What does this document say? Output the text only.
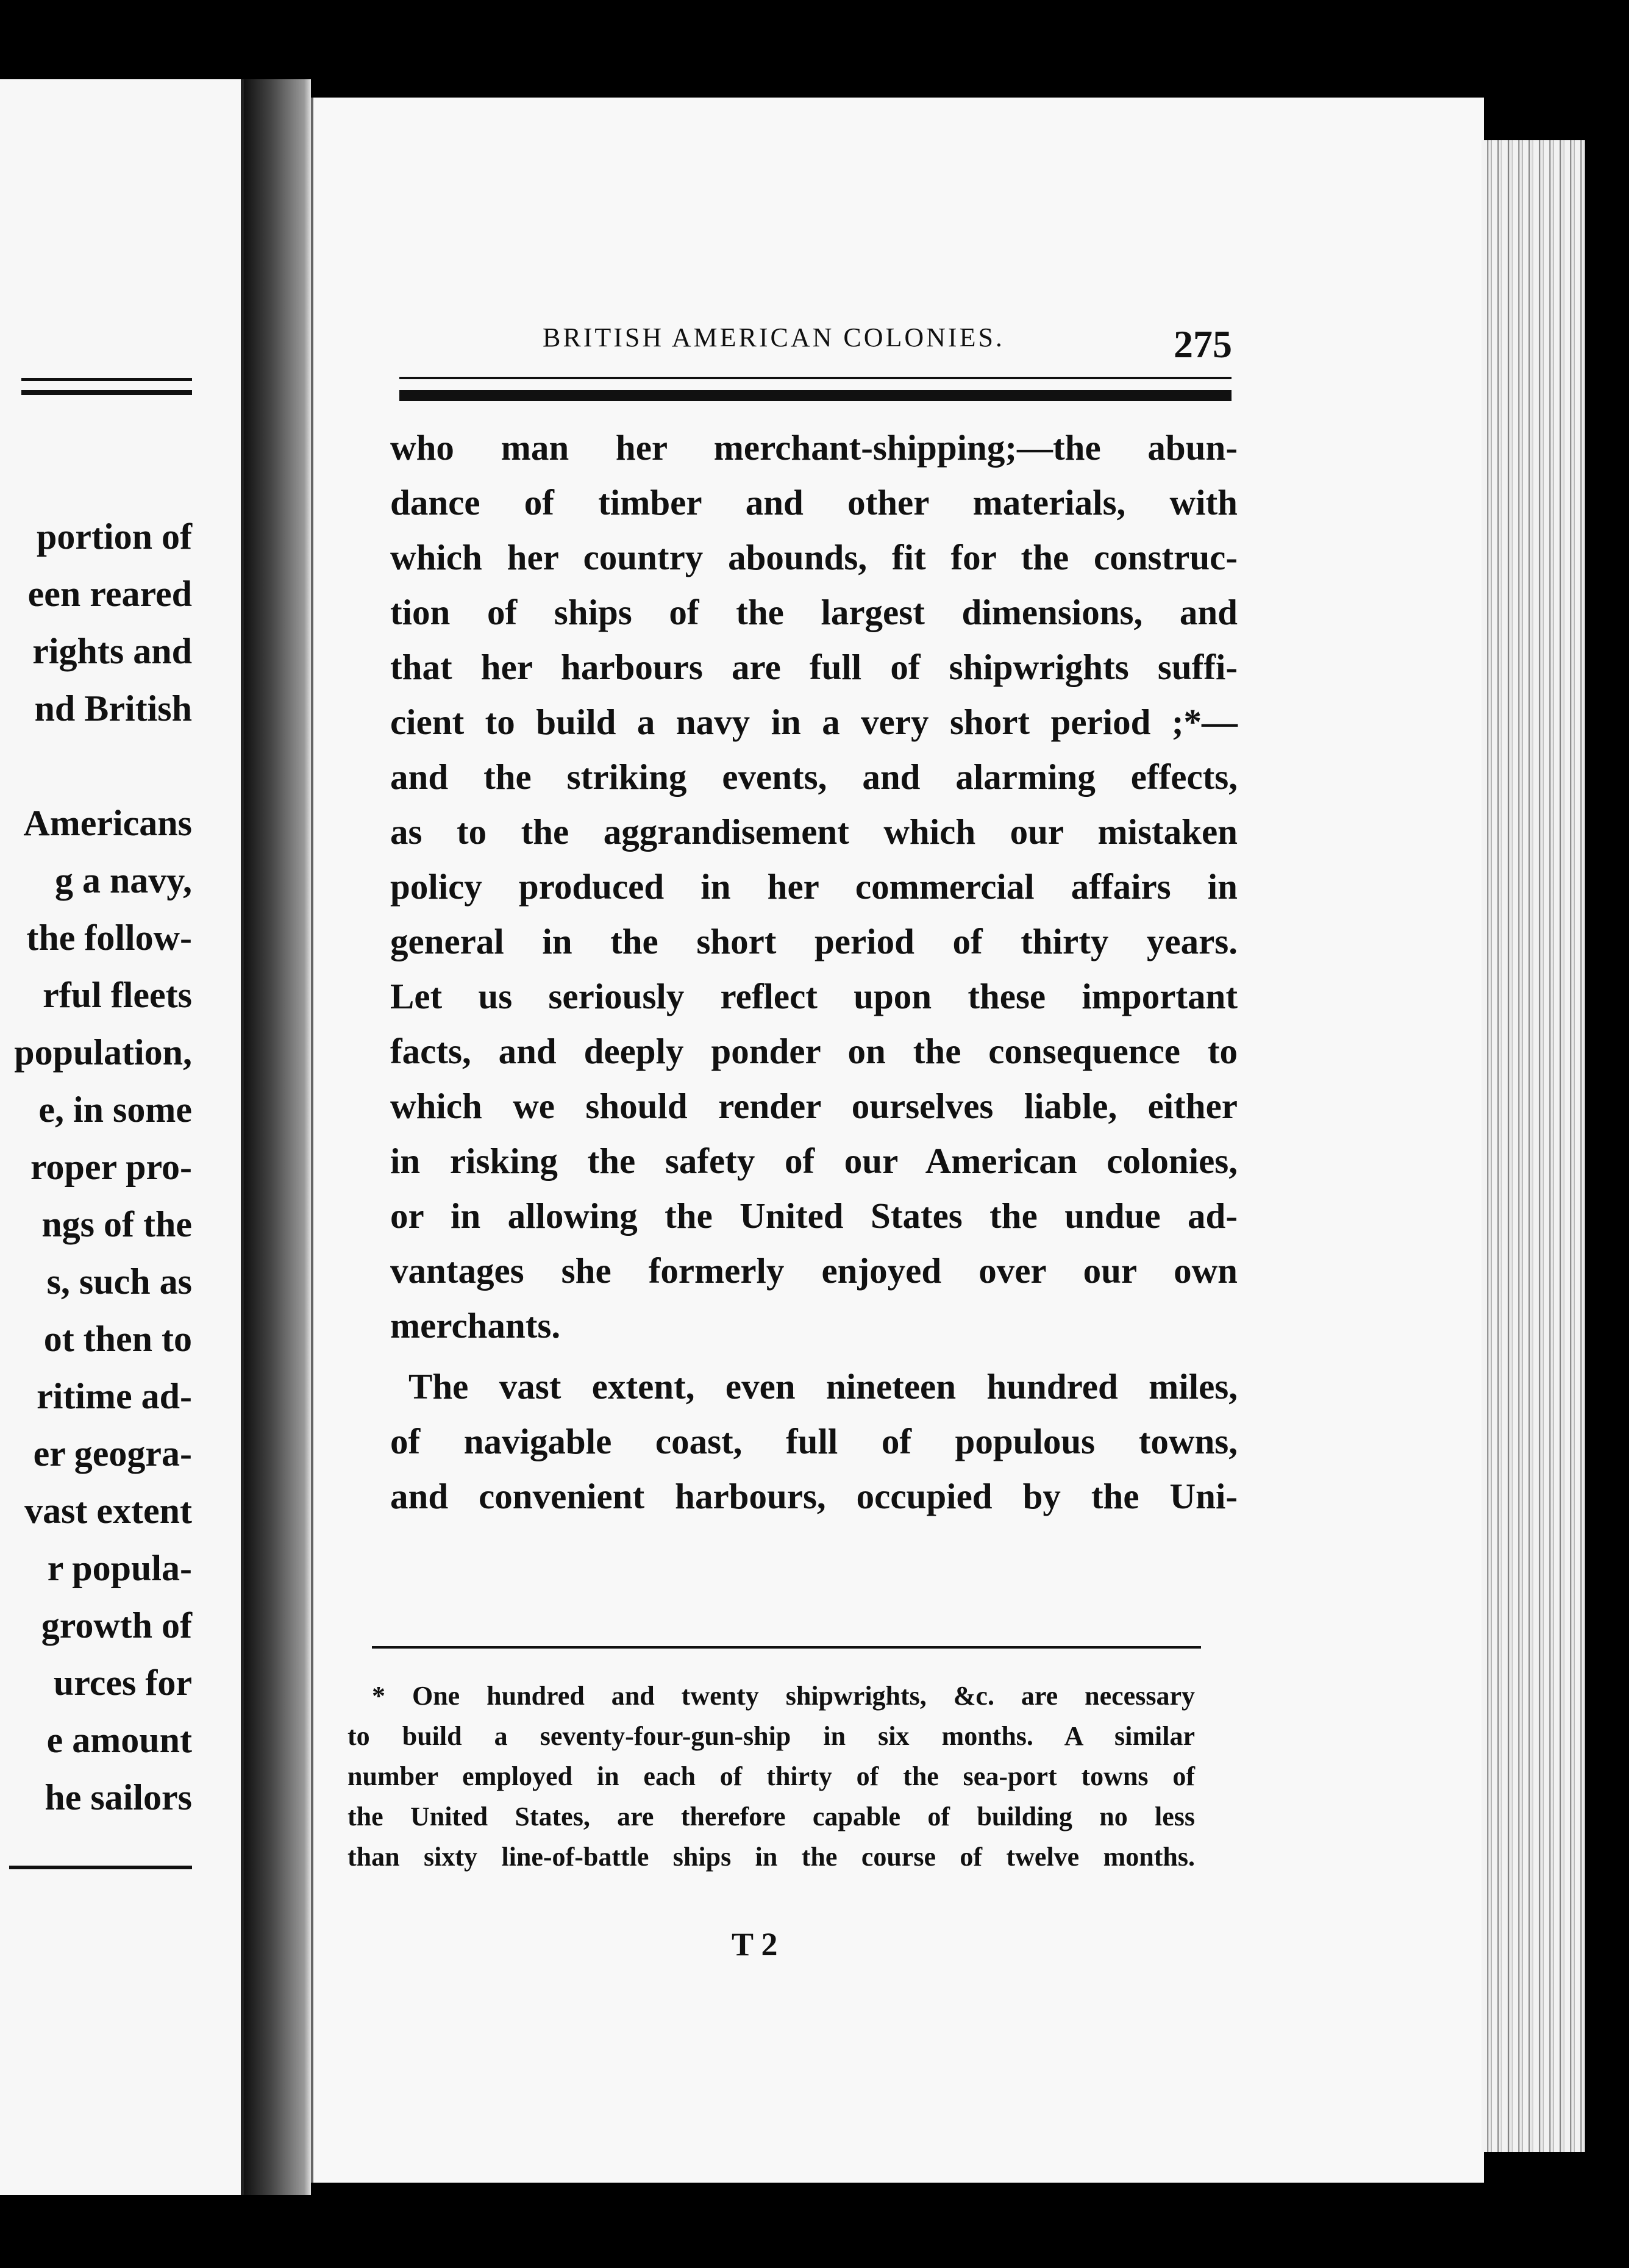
portion of
een reared
rights and
nd British
Americans
g a navy,
the follow-
rful fleets
population,
e, in some
roper pro-
ngs of the
s, such as
ot then to
ritime ad-
er geogra-
vast extent
r popula-
growth of
urces for
e amount
he sailors
BRITISH AMERICAN COLONIES.	275
who man her merchant-shipping;—the abun-
dance of timber and other materials, with
which her country abounds, fit for the construc-
tion of ships of the largest dimensions, and
that her harbours are full of shipwrights suffi-
cient to build a navy in a very short period ;*—
and the striking events, and alarming effects,
as to the aggrandisement which our mistaken
policy produced in her commercial affairs in
general in the short period of thirty years.
Let us seriously reflect upon these important
facts, and deeply ponder on the consequence to
which we should render ourselves liable, either
in risking the safety of our American colonies,
or in allowing the United States the undue ad-
vantages she formerly enjoyed over our own
merchants.
The vast extent, even nineteen hundred miles,
of navigable coast, full of populous towns,
and convenient harbours, occupied by the Uni-
* One hundred and twenty shipwrights, &c. are necessary
to build a seventy-four-gun-ship in six months. A similar
number employed in each of thirty of the sea-port towns of
the United States, are therefore capable of building no less
than sixty line-of-battle ships in the course of twelve months.
T 2
